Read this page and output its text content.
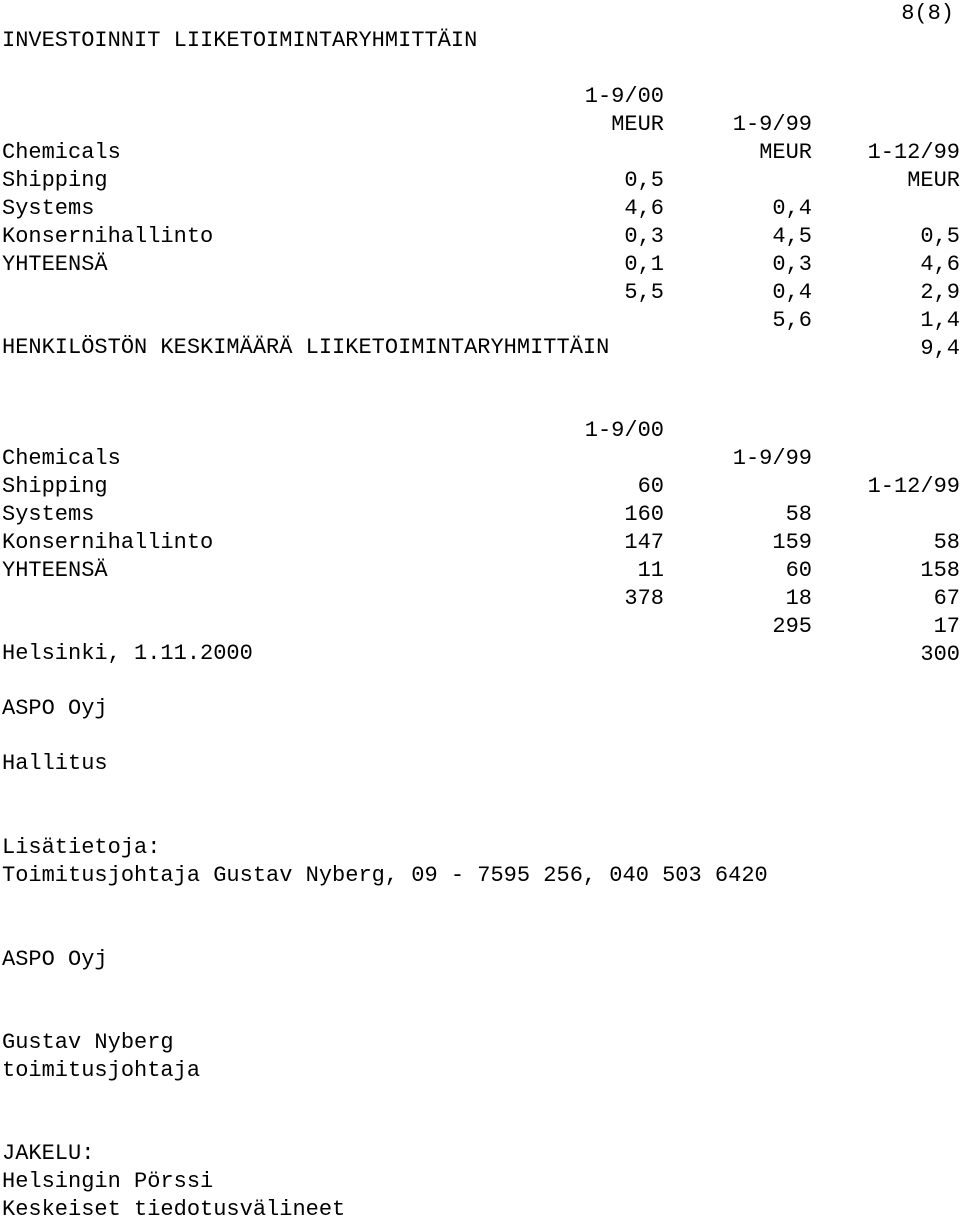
8(8)
INVESTOINNIT LIIKETOIMINTARYHMITTÄIN

1-9/00

1-9/99

1-12/99

MEUR

MEUR

MEUR

Chemicals

0,5

0,4

0,5

Shipping

4,6

4,5

4,6

Systems

0,3

0,3

2,9

Konsernihallinto

0,1

0,4

1,4

YHTEENSÄ

5,5

5,6

9,4

HENKILÖSTÖN KESKIMÄÄRÄ LIIKETOIMINTARYHMITTÄIN

1-9/00

1-9/99

1-12/99

Chemicals

60

58

58

Shipping

160

159

158

Systems

147

60

67

Konsernihallinto

11

18

17

YHTEENSÄ

378

295

300

Helsinki, 1.11.2000
ASPO Oyj
Hallitus
Lisätietoja:
Toimitusjohtaja Gustav Nyberg, 09 - 7595 256, 040 503 6420
ASPO Oyj
Gustav Nyberg
toimitusjohtaja
JAKELU:
Helsingin Pörssi
Keskeiset tiedotusvälineet
